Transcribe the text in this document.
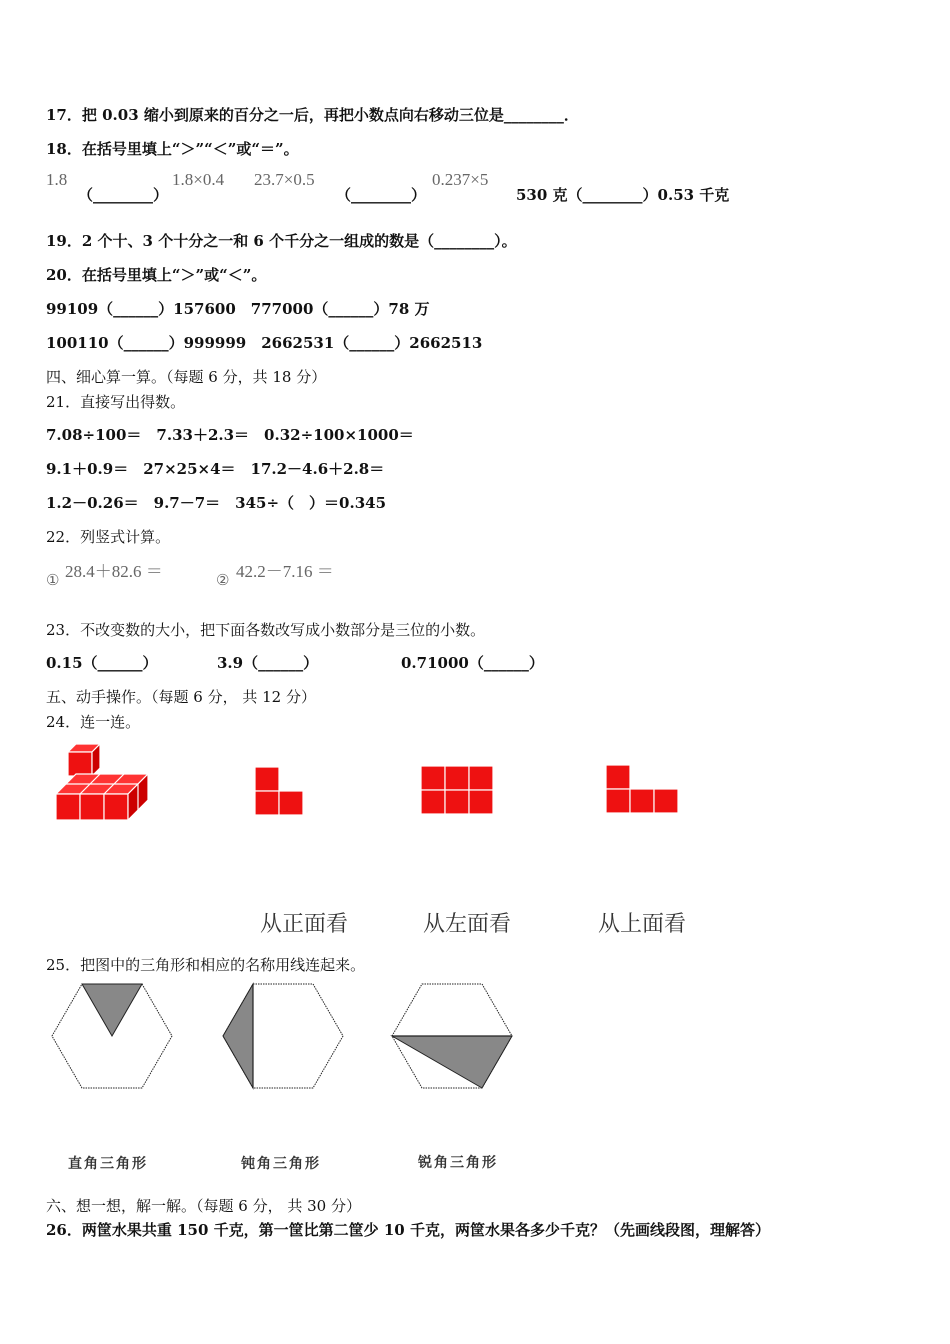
17．把 0.03 缩小到原来的百分之一后，再把小数点向右移动三位是________．
18．在括号里填上“＞”“＜”或“＝”。
1.8
（________）
1.8×0.4 23.7×0.5
（________）
0.237×5
530 克（________）0.53 千克
19．2 个十、3 个十分之一和 6 个千分之一组成的数是（________）。
20．在括号里填上“＞”或“＜”。
99109（______）157600　777000（______）78 万
100110（______）999999　2662531（______）2662513
四、细心算一算。（每题 6 分，共 18 分）
21．直接写出得数。
7.08÷100＝　7.33＋2.3＝　0.32÷100×1000＝
9.1＋0.9＝　27×25×4＝　17.2－4.6＋2.8＝
1.2－0.26＝　9.7－7＝　345÷（　）＝0.345
22．列竖式计算。
① 28.4＋82.6 ＝	② 42.2－7.16 ＝
23．不改变数的大小，把下面各数改写成小数部分是三位的小数。
0.15（______）	3.9（______）	0.71000（______）
五、动手操作。（每题 6 分， 共 12 分）
24．连一连。
从正面看	从左面看	从上面看
25．把图中的三角形和相应的名称用线连起来。
直角三角形	钝角三角形	锐角三角形
六、想一想，解一解。（每题 6 分， 共 30 分）
26．两筐水果共重 150 千克，第一筐比第二筐少 10 千克，两筐水果各多少千克？（先画线段图，理解答）
